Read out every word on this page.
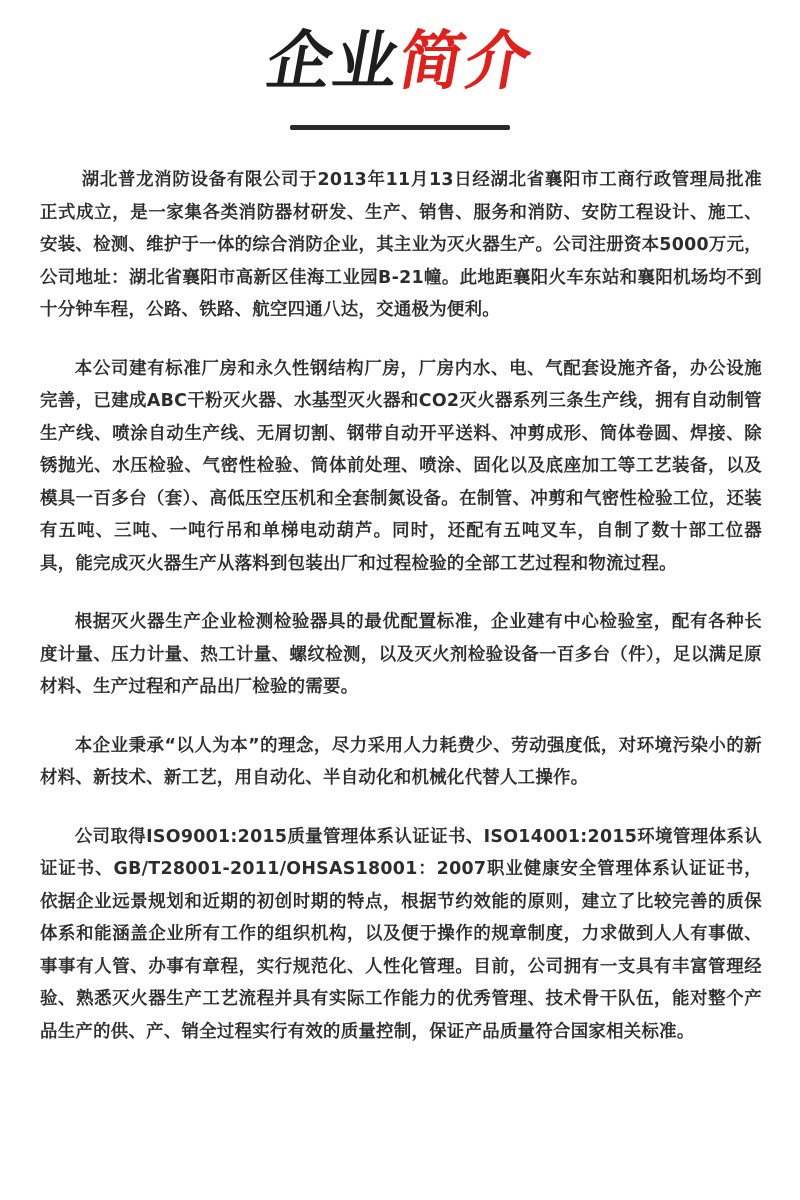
企业简介

湖北普龙消防设备有限公司于2013年11月13日经湖北省襄阳市工商行政管理局批准正式成立，是一家集各类消防器材研发、生产、销售、服务和消防、安防工程设计、施工、安装、检测、维护于一体的综合消防企业，其主业为灭火器生产。公司注册资本5000万元，公司地址：湖北省襄阳市高新区佳海工业园B-21幢。此地距襄阳火车东站和襄阳机场均不到十分钟车程，公路、铁路、航空四通八达，交通极为便利。

本公司建有标准厂房和永久性钢结构厂房，厂房内水、电、气配套设施齐备，办公设施完善，已建成ABC干粉灭火器、水基型灭火器和CO2灭火器系列三条生产线，拥有自动制管生产线、喷涂自动生产线、无屑切割、钢带自动开平送料、冲剪成形、筒体卷圆、焊接、除锈抛光、水压检验、气密性检验、筒体前处理、喷涂、固化以及底座加工等工艺装备，以及模具一百多台（套）、高低压空压机和全套制氮设备。在制管、冲剪和气密性检验工位，还装有五吨、三吨、一吨行吊和单梯电动葫芦。同时，还配有五吨叉车，自制了数十部工位器具，能完成灭火器生产从落料到包装出厂和过程检验的全部工艺过程和物流过程。

根据灭火器生产企业检测检验器具的最优配置标准，企业建有中心检验室，配有各种长度计量、压力计量、热工计量、螺纹检测，以及灭火剂检验设备一百多台（件），足以满足原材料、生产过程和产品出厂检验的需要。

本企业秉承“以人为本”的理念，尽力采用人力耗费少、劳动强度低，对环境污染小的新材料、新技术、新工艺，用自动化、半自动化和机械化代替人工操作。

公司取得ISO9001:2015质量管理体系认证证书、ISO14001:2015环境管理体系认证证书、GB/T28001-2011/OHSAS18001：2007职业健康安全管理体系认证证书，依据企业远景规划和近期的初创时期的特点，根据节约效能的原则，建立了比较完善的质保体系和能涵盖企业所有工作的组织机构，以及便于操作的规章制度，力求做到人人有事做、事事有人管、办事有章程，实行规范化、人性化管理。目前，公司拥有一支具有丰富管理经验、熟悉灭火器生产工艺流程并具有实际工作能力的优秀管理、技术骨干队伍，能对整个产品生产的供、产、销全过程实行有效的质量控制，保证产品质量符合国家相关标准。
